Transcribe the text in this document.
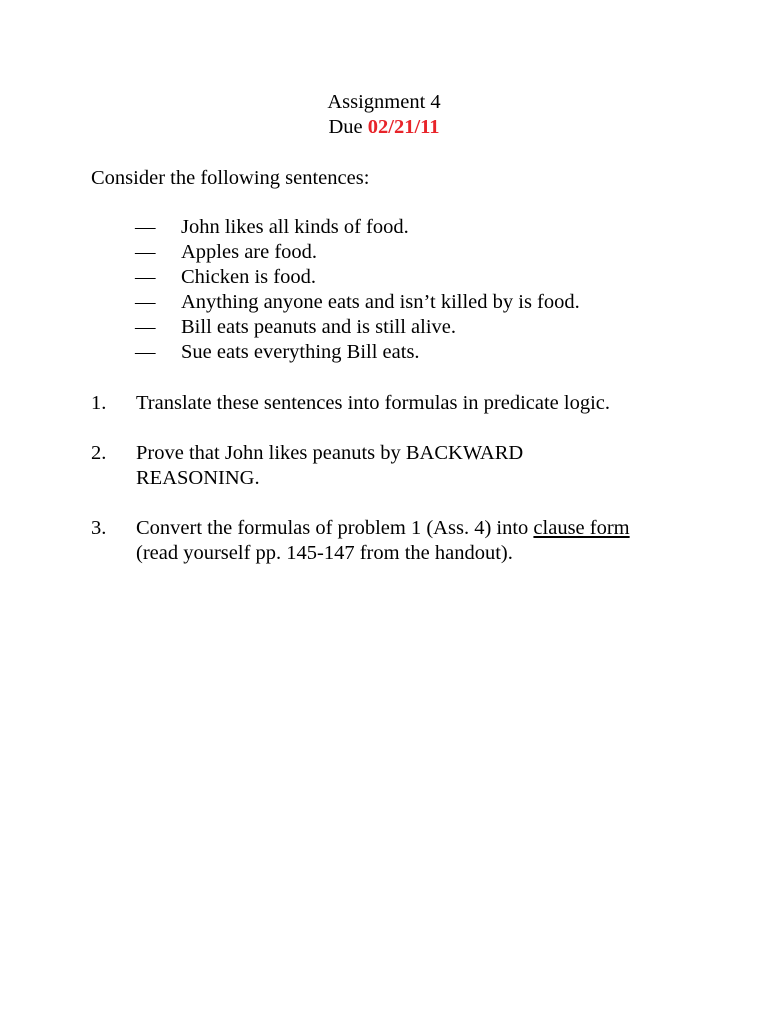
Assignment 4
Due 02/21/11
Consider the following sentences:
— John likes all kinds of food.
— Apples are food.
— Chicken is food.
— Anything anyone eats and isn’t killed by is food.
— Bill eats peanuts and is still alive.
— Sue eats everything Bill eats.
1. Translate these sentences into formulas in predicate logic.
2. Prove that John likes peanuts by BACKWARD REASONING.
3. Convert the formulas of problem 1 (Ass. 4) into clause form (read yourself pp. 145-147 from the handout).
